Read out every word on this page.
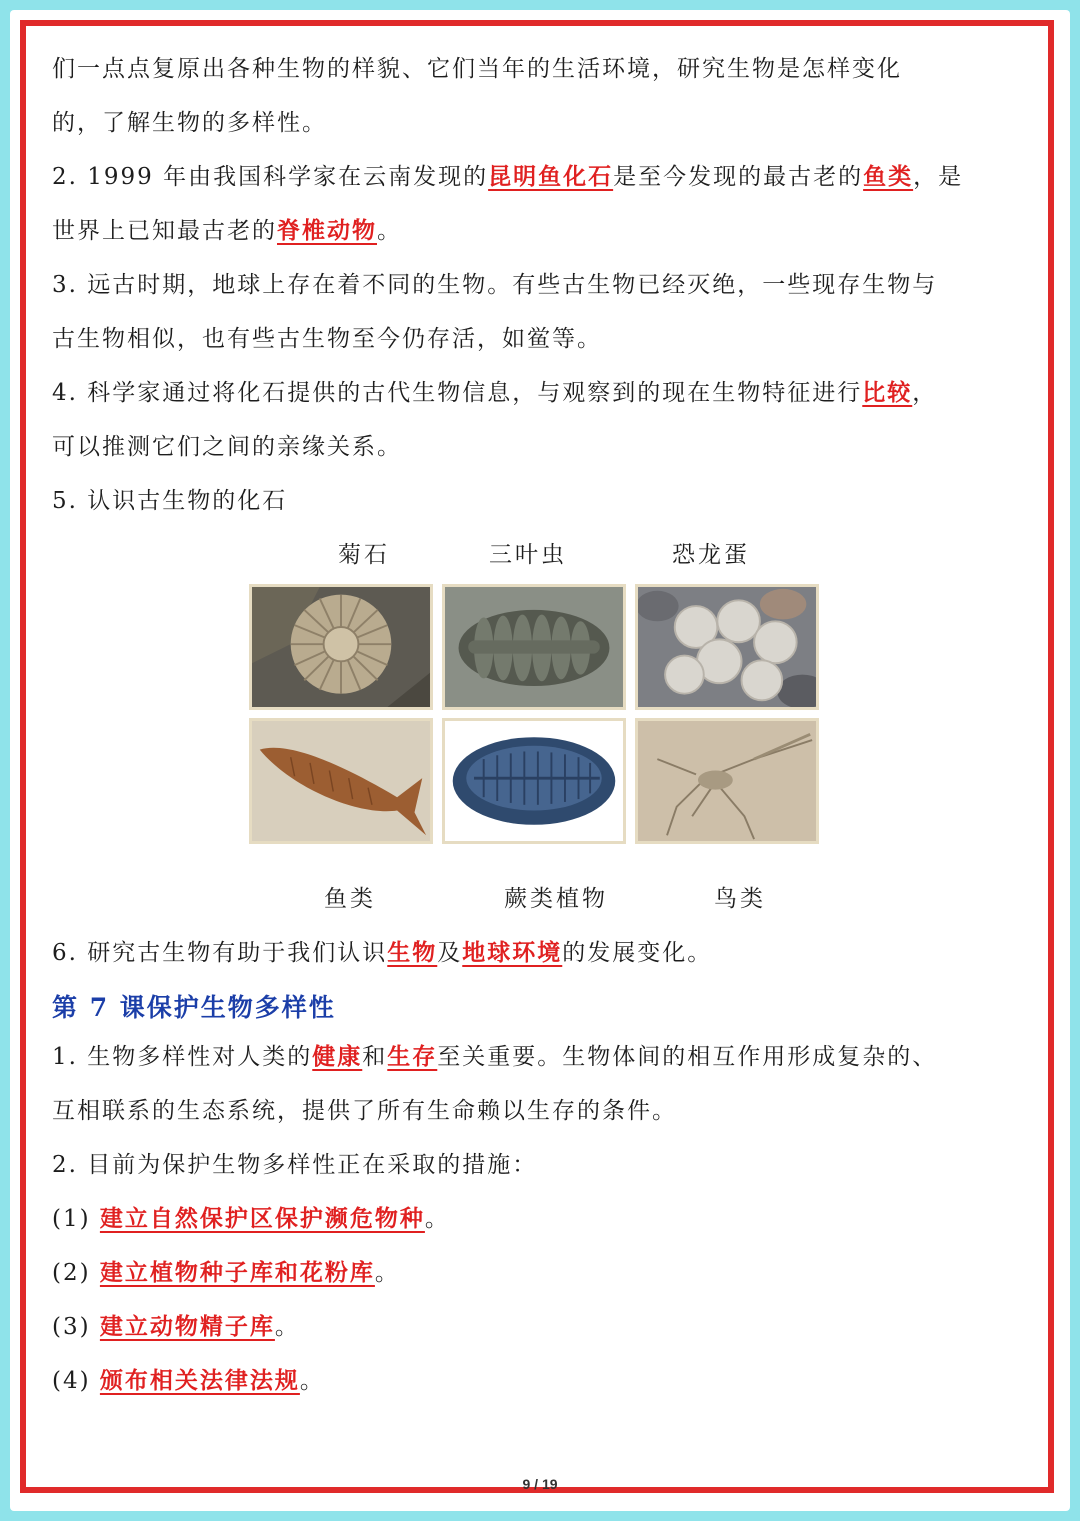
们一点点复原出各种生物的样貌、它们当年的生活环境，研究生物是怎样变化
的，了解生物的多样性。
2. 1999 年由我国科学家在云南发现的昆明鱼化石是至今发现的最古老的鱼类，是
世界上已知最古老的脊椎动物。
3. 远古时期，地球上存在着不同的生物。有些古生物已经灭绝，一些现存生物与
古生物相似，也有些古生物至今仍存活，如鲎等。
4. 科学家通过将化石提供的古代生物信息，与观察到的现在生物特征进行比较，
可以推测它们之间的亲缘关系。
5. 认识古生物的化石
菊石	三叶虫	恐龙蛋
鱼类	蕨类植物	鸟类
6. 研究古生物有助于我们认识生物及地球环境的发展变化。
第 7 课保护生物多样性
1. 生物多样性对人类的健康和生存至关重要。生物体间的相互作用形成复杂的、
互相联系的生态系统，提供了所有生命赖以生存的条件。
2. 目前为保护生物多样性正在采取的措施：
(1) 建立自然保护区保护濒危物种。
(2) 建立植物种子库和花粉库。
(3) 建立动物精子库。
(4) 颁布相关法律法规。
9 / 19
